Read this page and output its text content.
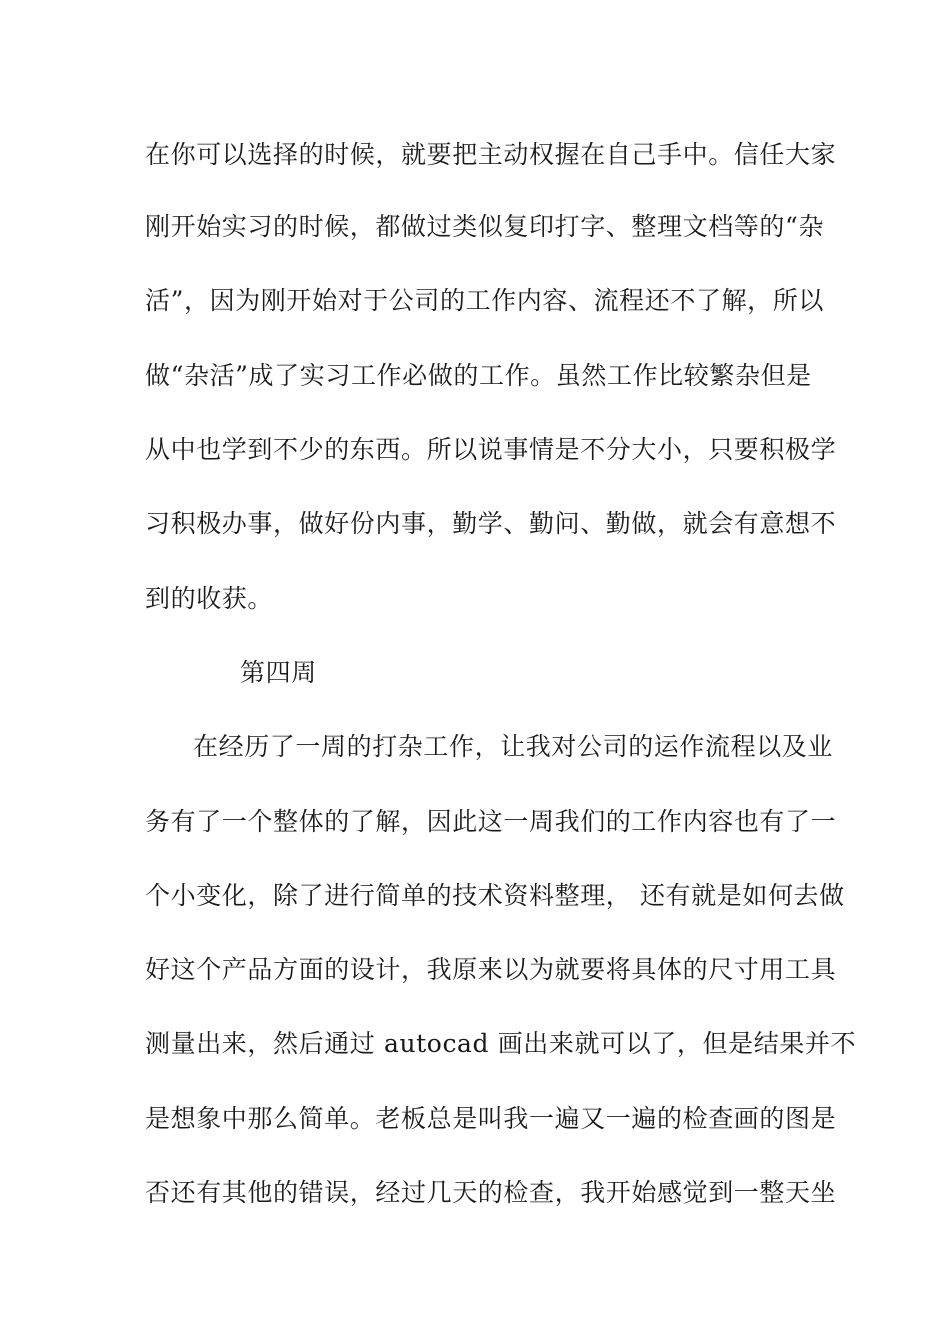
在你可以选择的时候，就要把主动权握在自己手中。信任大家
刚开始实习的时候，都做过类似复印打字、整理文档等的“杂
活”，因为刚开始对于公司的工作内容、流程还不了解，所以
做“杂活”成了实习工作必做的工作。虽然工作比较繁杂但是
从中也学到不少的东西。所以说事情是不分大小，只要积极学
习积极办事，做好份内事，勤学、勤问、勤做，就会有意想不
到的收获。
第四周
在经历了一周的打杂工作，让我对公司的运作流程以及业
务有了一个整体的了解，因此这一周我们的工作内容也有了一
个小变化，除了进行简单的技术资料整理， 还有就是如何去做
好这个产品方面的设计，我原来以为就要将具体的尺寸用工具
测量出来，然后通过 autocad 画出来就可以了，但是结果并不
是想象中那么简单。老板总是叫我一遍又一遍的检查画的图是
否还有其他的错误，经过几天的检查，我开始感觉到一整天坐
